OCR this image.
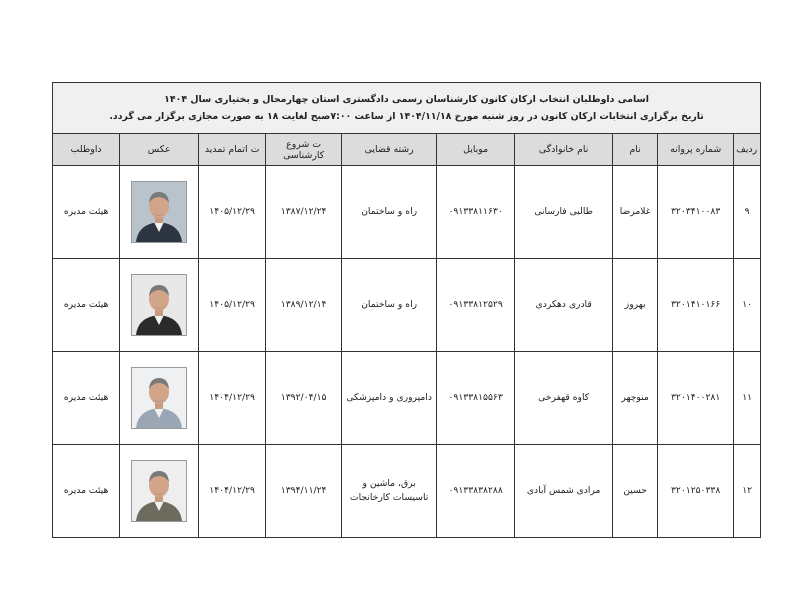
اسامی داوطلبان انتخاب ارکان کانون کارشناسان رسمی دادگستری استان چهارمحال و بختیاری سال ۱۴۰۴
تاریخ برگزاری انتخابات ارکان کانون در روز شنبه مورخ ۱۴۰۴/۱۱/۱۸ از ساعت ۷:۰۰صبح لغایت ۱۸ به صورت مجازی برگزار می گردد.									

ردیف	شماره پروانه	نام	نام خانوادگی	موبایل	رشته قضایی	ت شروع کارشناسی	ت اتمام تمدید	عکس	داوطلب
۹	۳۲۰۳۴۱۰۰۸۳	غلامرضا	طالبی فارسانی	۰۹۱۳۳۸۱۱۶۳۰	راه و ساختمان	۱۳۸۷/۱۲/۲۴	۱۴۰۵/۱۲/۲۹		هیئت مدیره
۱۰	۳۲۰۱۴۱۰۱۶۶	بهروز	قادری دهکردی	۰۹۱۳۳۸۱۲۵۲۹	راه و ساختمان	۱۳۸۹/۱۲/۱۴	۱۴۰۵/۱۲/۲۹		هیئت مدیره
۱۱	۳۲۰۱۴۰۰۲۸۱	منوچهر	کاوه قهفرخی	۰۹۱۳۳۸۱۵۵۶۳	دامپروری و دامپزشکی	۱۳۹۲/۰۴/۱۵	۱۴۰۴/۱۲/۲۹		هیئت مدیره
۱۲	۳۲۰۱۲۵۰۳۳۸	حسین	مرادی شمس آبادی	۰۹۱۳۳۸۳۸۲۸۸	برق، ماشین و تاسیسات کارخانجات	۱۳۹۴/۱۱/۲۴	۱۴۰۴/۱۲/۲۹		هیئت مدیره
